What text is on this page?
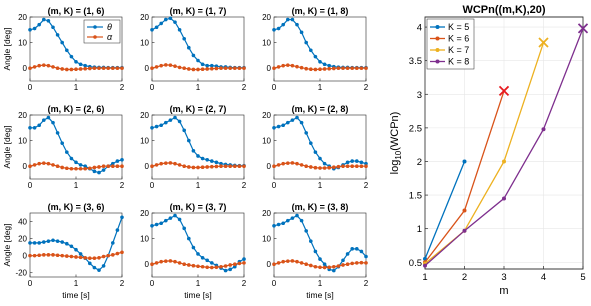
(m, K) = (1, 6)
0	1	2
0
10
20
Angle [deg]
θ
α
(m, K) = (1, 7)
0	1	2
0
10
20
(m, K) = (1, 8)
0	1	2
0
10
20
(m, K) = (2, 6)
0	1	2
0
10
20
Angle [deg]
(m, K) = (2, 7)
0	1	2
0
10
20
(m, K) = (2, 8)
0	1	2
0
10
20
(m, K) = (3, 6)
0	1	2
-20
0
20
40
Angle [deg]
time [s]
(m, K) = (3, 7)
0	1	2
0
10
20
time [s]
(m, K) = (3, 8)
0	1	2
0
10
20
time [s]
WCPn((m,K),20)
1	2	3	4	5
0.5
1
1.5
2
2.5
3
3.5
4
m
$\log_{10}(WCPn)$
K = 5
K = 6
K = 7
K = 8
